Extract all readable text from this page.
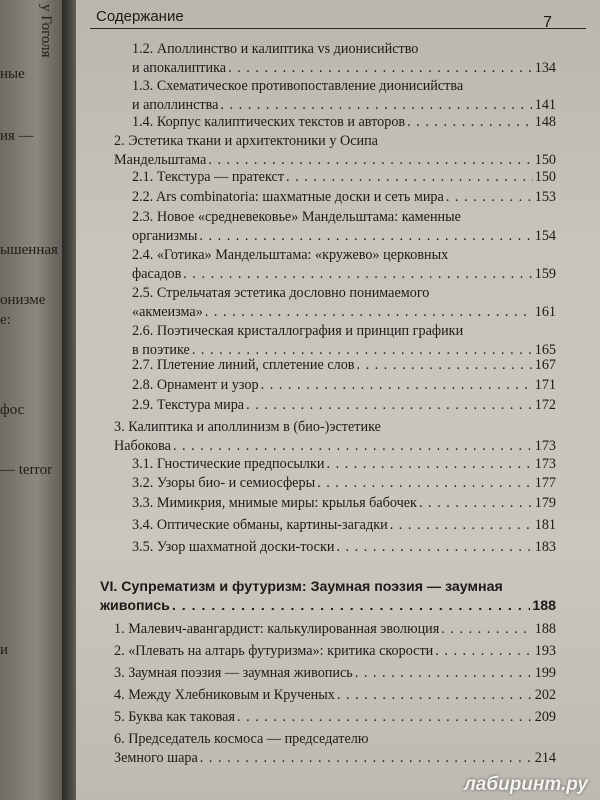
у Гоголя
ные
ия —
ышенная
онизме
е:
фос
— terror
и
Содержание	7
1.2. Аполлинство и калиптика vs дионисийство
и апокалиптика . . .	134
1.3. Схематическое противопоставление дионисийства
и аполлинства . . .	141
1.4. Корпус калиптических текстов и авторов . . .	148
2. Эстетика ткани и архитектоники у Осипа
Мандельштама . . .	150
2.1. Текстура — пратекст . . .	150
2.2. Ars combinatoria: шахматные доски и сеть мира . . .	153
2.3. Новое «средневековье» Мандельштама: каменные
организмы . . .	154
2.4. «Готика» Мандельштама: «кружево» церковных
фасадов . . .	159
2.5. Стрельчатая эстетика дословно понимаемого
«акмеизма» . . .	161
2.6. Поэтическая кристаллография и принцип графики
в поэтике . . .	165
2.7. Плетение линий, сплетение слов . . .	167
2.8. Орнамент и узор . . .	171
2.9. Текстура мира . . .	172
3. Калиптика и аполлинизм в (био-)эстетике
Набокова . . .	173
3.1. Гностические предпосылки . . .	173
3.2. Узоры био- и семиосферы . . .	177
3.3. Мимикрия, мнимые миры: крылья бабочек . . .	179
3.4. Оптические обманы, картины-загадки . . .	181
3.5. Узор шахматной доски-тоски . . .	183
VI. Супрематизм и футуризм: Заумная поэзия — заумная
живопись . . .	188
1. Малевич-авангардист: калькулированная эволюция . . .	188
2. «Плевать на алтарь футуризма»: критика скорости . . .	193
3. Заумная поэзия — заумная живопись . . .	199
4. Между Хлебниковым и Крученых . . .	202
5. Буква как таковая . . .	209
6. Председатель космоса — председателю
Земного шара . . .	214
лабиринт.ру
